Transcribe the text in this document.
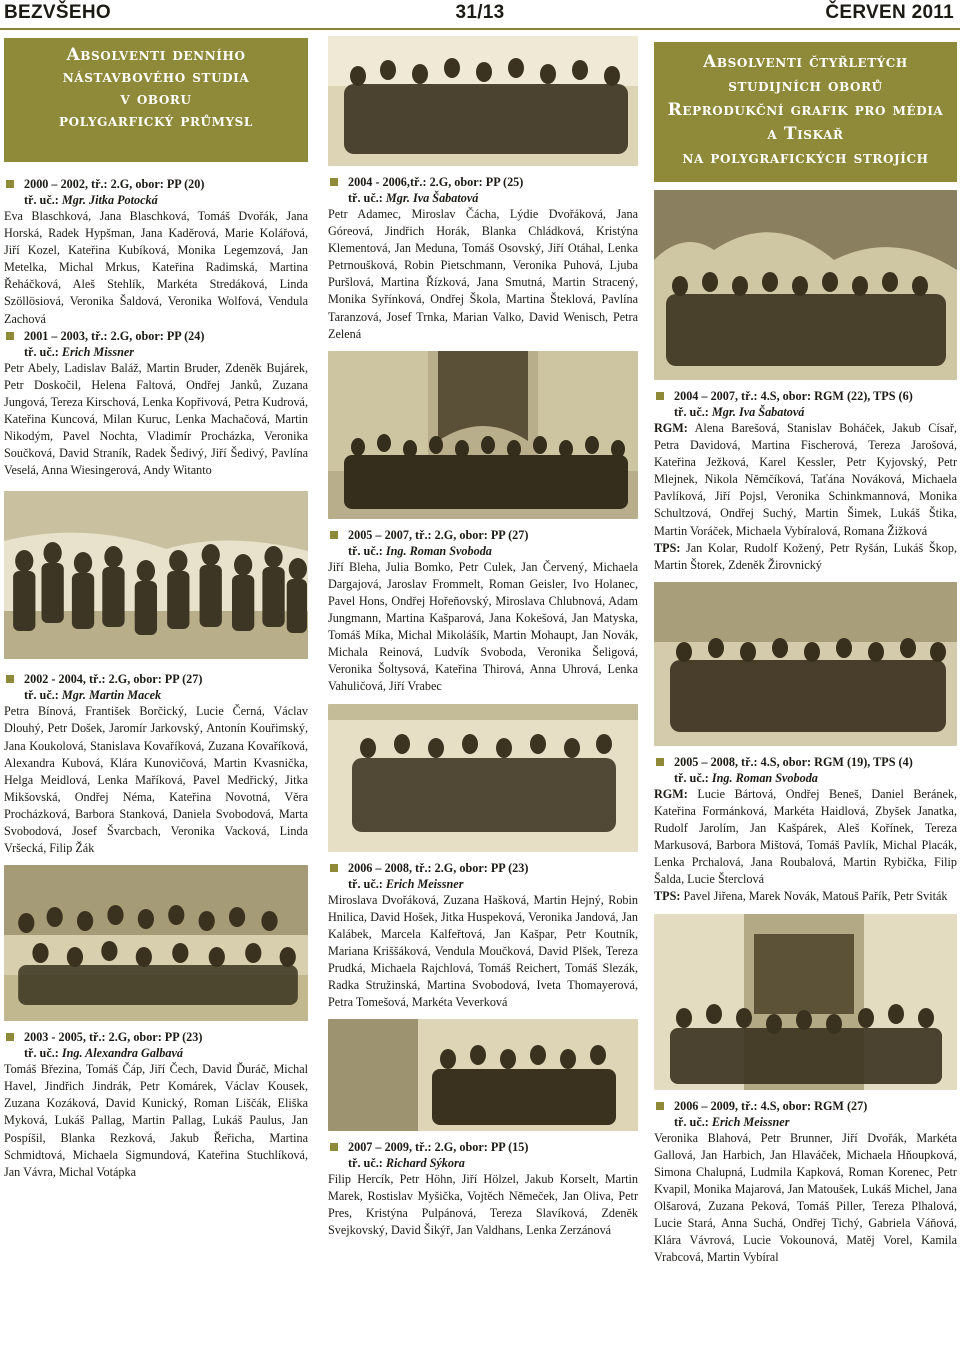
BEZVŠEHO	31/13	ČERVEN 2011

Absolventi denního

nástavbového studia

v oboru

polygarfický průmysl

2000 – 2002, tř.: 2.G, obor: PP (20)
tř. uč.: Mgr. Jitka Potocká

Eva Blaschková, Jana Blaschková, Tomáš Dvořák, Jana Horská, Radek Hypšman, Jana Kaděrová, Marie Kolářová, Jiří Kozel, Kateřina Kubíková, Monika Legemzová, Jan Metelka, Michal Mrkus, Kateřina Radimská, Martina Řeháčková, Aleš Stehlík, Markéta Stredáková, Linda Szöllösiová, Veronika Šaldová, Veronika Wolfová, Vendula Zachová

2001 – 2003, tř.: 2.G, obor: PP (24)
tř. uč.: Erich Missner

Petr Abely, Ladislav Baláž, Martin Bruder, Zdeněk Bujárek, Petr Doskočil, Helena Faltová, Ondřej Janků, Zuzana Jungová, Tereza Kirschová, Lenka Kopřivová, Petra Kudrová, Kateřina Kuncová, Milan Kuruc, Lenka Machačová, Martin Nikodým, Pavel Nochta, Vladimír Procházka, Veronika Součková, David Straník, Radek Šedivý, Jiří Šedivý, Pavlína Veselá, Anna Wiesingerová, Andy Witanto

2002 - 2004, tř.: 2.G, obor: PP (27)
tř. uč.: Mgr. Martin Macek

Petra Bínová, František Borčický, Lucie Černá, Václav Dlouhý, Petr Došek, Jaromír Jarkovský, Antonín Kouřimský, Jana Koukolová, Stanislava Kovaříková, Zuzana Kovaříková, Alexandra Kubová, Klára Kunovičová, Martin Kvasnička, Helga Meidlová, Lenka Maříková, Pavel Medřický, Jitka Mikšovská, Ondřej Néma, Kateřina Novotná, Věra Procházková, Barbora Stanková, Daniela Svobodová, Marta Svobodová, Josef Švarcbach, Veronika Vacková, Linda Vršecká, Filip Žák

2003 - 2005, tř.: 2.G, obor: PP (23)
tř. uč.: Ing. Alexandra Galbavá

Tomáš Březina, Tomáš Čáp, Jiří Čech, David Ďuráč, Michal Havel, Jindřich Jindrák, Petr Komárek, Václav Kousek, Zuzana Kozáková, David Kunický, Roman Liščák, Eliška Myková, Lukáš Pallag, Martin Pallag, Lukáš Paulus, Jan Pospíšil, Blanka Rezková, Jakub Řeřicha, Martina Schmidtová, Michaela Sigmundová, Kateřina Stuchlíková, Jan Vávra, Michal Votápka

2004 - 2006,tř.: 2.G, obor: PP (25)
tř. uč.: Mgr. Iva Šabatová

Petr Adamec, Miroslav Čácha, Lýdie Dvořáková, Jana Góreová, Jindřich Horák, Blanka Chládková, Kristýna Klementová, Jan Meduna, Tomáš Osovský, Jiří Otáhal, Lenka Petrnoušková, Robin Pietschmann, Veronika Puhová, Ljuba Puršlová, Martina Řízková, Jana Smutná, Martin Stracený, Monika Syřínková, Ondřej Škola, Martina Šteklová, Pavlína Taranzová, Josef Trnka, Marian Valko, David Wenisch, Petra Zelená

2005 – 2007, tř.: 2.G, obor: PP (27)
tř. uč.: Ing. Roman Svoboda

Jiří Bleha, Julia Bomko, Petr Culek, Jan Červený, Michaela Dargajová, Jaroslav Frommelt, Roman Geisler, Ivo Holanec, Pavel Hons, Ondřej Hořeňovský, Miroslava Chlubnová, Adam Jungmann, Martina Kašparová, Jana Kokešová, Jan Matyska, Tomáš Míka, Michal Mikolášík, Martin Mohaupt, Jan Novák, Michala Reinová, Ludvík Svoboda, Veronika Šeligová, Veronika Šoltysová, Kateřina Thirová, Anna Uhrová, Lenka Vahuličová, Jiří Vrabec

2006 – 2008, tř.: 2.G, obor: PP (23)
tř. uč.: Erich Meissner

Miroslava Dvořáková, Zuzana Hašková, Martin Hejný, Robin Hnilica, David Hošek, Jitka Huspeková, Veronika Jandová, Jan Kalábek, Marcela Kalfeřtová, Jan Kašpar, Petr Koutník, Mariana Kriššáková, Vendula Moučková, David Plšek, Tereza Prudká, Michaela Rajchlová, Tomáš Reichert, Tomáš Slezák, Radka Stružinská, Martina Svobodová, Iveta Thomayerová, Petra Tomešová, Markéta Veverková

2007 – 2009, tř.: 2.G, obor: PP (15)
tř. uč.: Richard Sýkora

Filip Hercík, Petr Höhn, Jiří Hölzel, Jakub Korselt, Martin Marek, Rostislav Myšička, Vojtěch Němeček, Jan Oliva, Petr Pres, Kristýna Pulpánová, Tereza Slavíková, Zdeněk Svejkovský, David Šikýř, Jan Valdhans, Lenka Zerzánová

Absolventi čtyřletých

studijních oborů

Reprodukční grafik pro média

a Tiskař

na polygrafických strojích

2004 – 2007, tř.: 4.S, obor: RGM (22), TPS (6)
tř. uč.: Mgr. Iva Šabatová

RGM: Alena Barešová, Stanislav Boháček, Jakub Císař, Petra Davidová, Martina Fischerová, Tereza Jarošová, Kateřina Ježková, Karel Kessler, Petr Kyjovský, Petr Mlejnek, Nikola Němčíková, Taťána Nováková, Michaela Pavlíková, Jiří Pojsl, Veronika Schinkmannová, Monika Schultzová, Ondřej Suchý, Martin Šimek, Lukáš Štika, Martin Voráček, Michaela Vybíralová, Romana Žižková

TPS: Jan Kolar, Rudolf Kožený, Petr Ryšán, Lukáš Škop, Martin Štorek, Zdeněk Žirovnický

2005 – 2008, tř.: 4.S, obor: RGM (19), TPS (4)
tř. uč.: Ing. Roman Svoboda

RGM: Lucie Bártová, Ondřej Beneš, Daniel Beránek, Kateřina Formánková, Markéta Haidlová, Zbyšek Janatka, Rudolf Jarolím, Jan Kašpárek, Aleš Kořínek, Tereza Markusová, Barbora Mištová, Tomáš Pavlík, Michal Placák, Lenka Prchalová, Jana Roubalová, Martin Rybička, Filip Šalda, Lucie Šterclová

TPS: Pavel Jiřena, Marek Novák, Matouš Pařík, Petr Sviták

2006 – 2009, tř.: 4.S, obor: RGM (27)
tř. uč.: Erich Meissner

Veronika Blahová, Petr Brunner, Jiří Dvořák, Markéta Gallová, Jan Harbich, Jan Hlaváček, Michaela Hňoupková, Simona Chalupná, Ludmila Kapková, Roman Korenec, Petr Kvapil, Monika Majarová, Jan Matoušek, Lukáš Michel, Jana Olšarová, Zuzana Peková, Tomáš Piller, Tereza Plhalová, Lucie Stará, Anna Suchá, Ondřej Tichý, Gabriela Váňová, Klára Vávrová, Lucie Vokounová, Matěj Vorel, Kamila Vrabcová, Martin Vybíral
